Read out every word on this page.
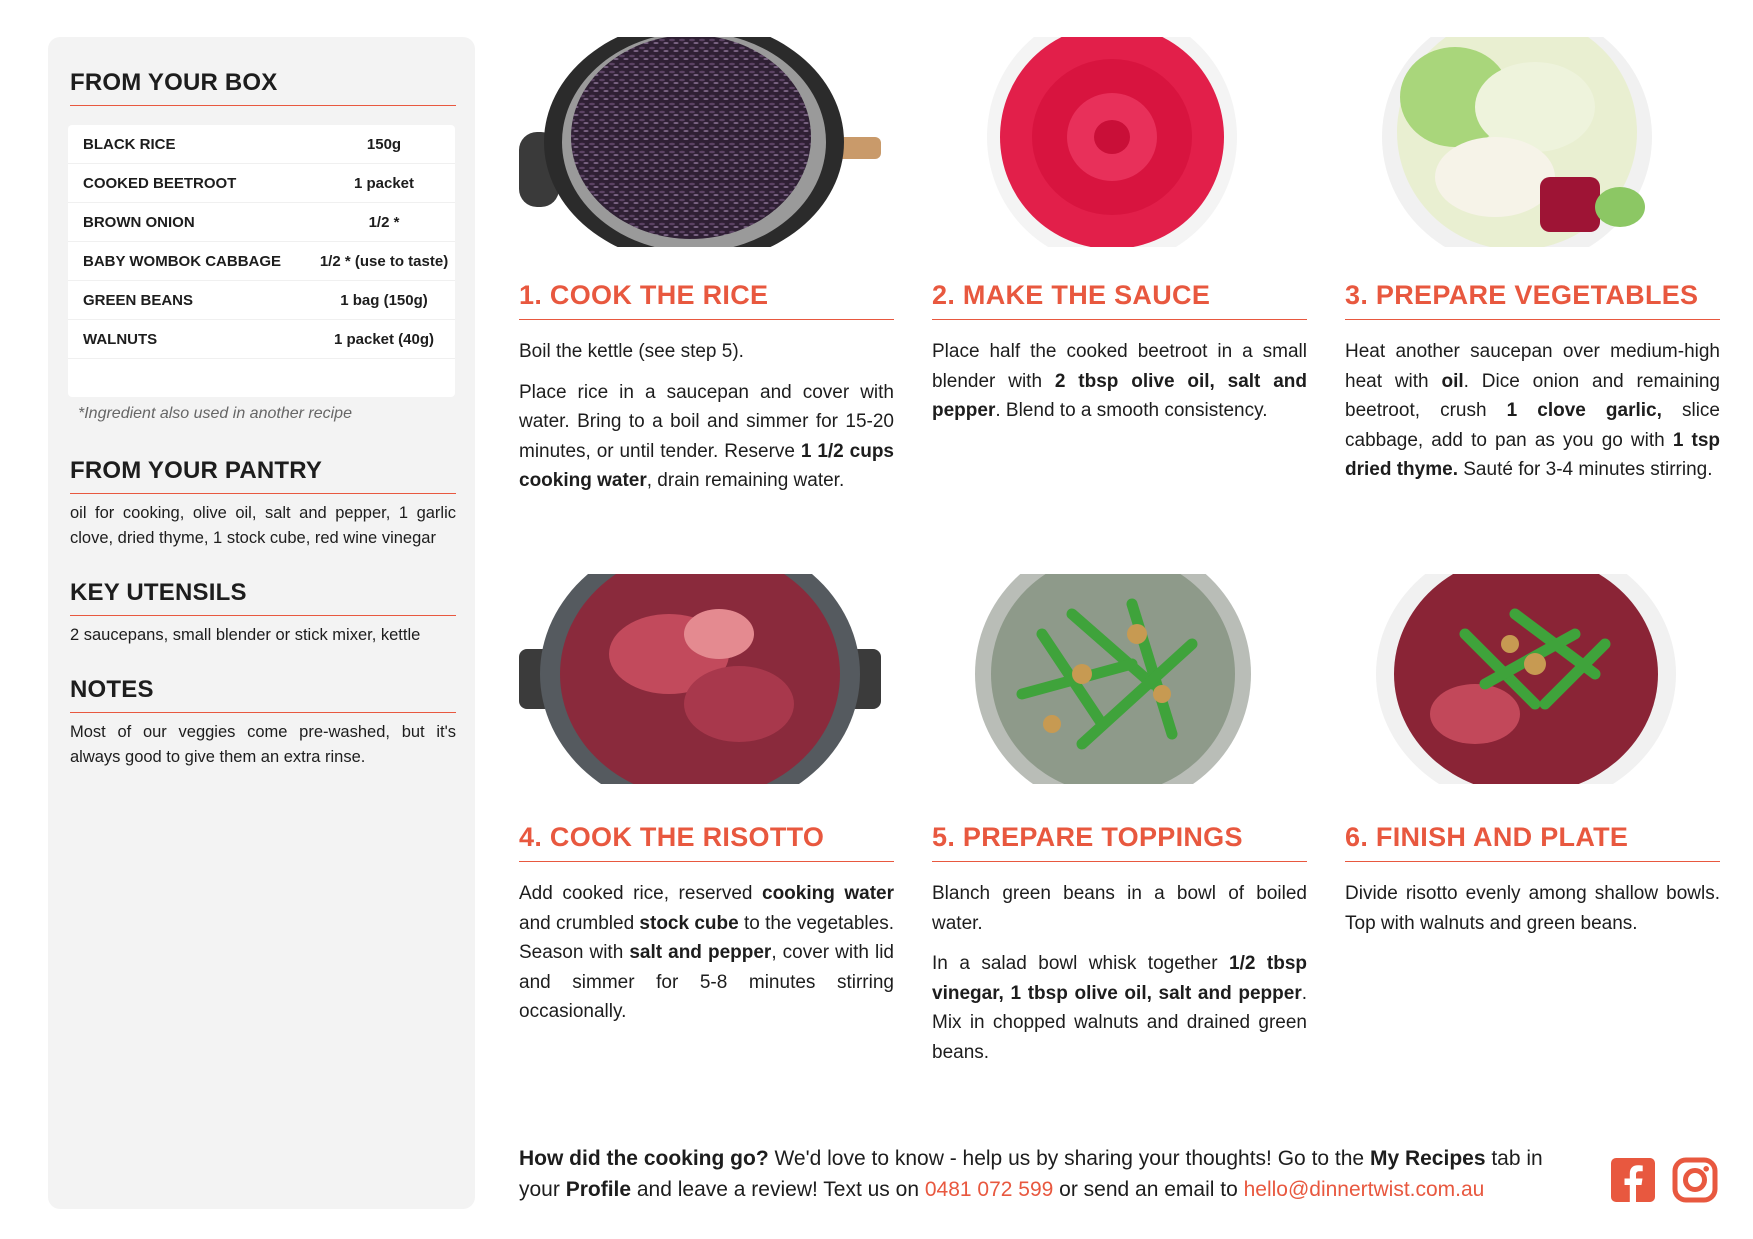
FROM YOUR BOX
BLACK RICE	150g
COOKED BEETROOT	1 packet
BROWN ONION	1/2 *
BABY WOMBOK CABBAGE	1/2 * (use to taste)
GREEN BEANS	1 bag (150g)
WALNUTS	1 packet (40g)
*Ingredient also used in another recipe
FROM YOUR PANTRY
oil for cooking, olive oil, salt and pepper, 1 garlic clove, dried thyme, 1 stock cube, red wine vinegar
KEY UTENSILS
2 saucepans, small blender or stick mixer, kettle
NOTES
Most of our veggies come pre-washed, but it's always good to give them an extra rinse.
1. COOK THE RICE

Boil the kettle (see step 5).

Place rice in a saucepan and cover with water. Bring to a boil and simmer for 15-20 minutes, or until tender. Reserve 1 1/2 cups cooking water, drain remaining water.

2. MAKE THE SAUCE

Place half the cooked beetroot in a small blender with 2 tbsp olive oil, salt and pepper. Blend to a smooth consistency.

3. PREPARE VEGETABLES

Heat another saucepan over medium-high heat with oil. Dice onion and remaining beetroot, crush 1 clove garlic, slice cabbage, add to pan as you go with 1 tsp dried thyme. Sauté for 3-4 minutes stirring.

4. COOK THE RISOTTO

Add cooked rice, reserved cooking water and crumbled stock cube to the vegetables. Season with salt and pepper, cover with lid and simmer for 5-8 minutes stirring occasionally.

5. PREPARE TOPPINGS

Blanch green beans in a bowl of boiled water.

In a salad bowl whisk together 1/2 tbsp vinegar, 1 tbsp olive oil, salt and pepper. Mix in chopped walnuts and drained green beans.

6. FINISH AND PLATE

Divide risotto evenly among shallow bowls. Top with walnuts and green beans.

How did the cooking go? We'd love to know - help us by sharing your thoughts! Go to the My Recipes tab in your Profile and leave a review! Text us on 0481 072 599 or send an email to hello@dinnertwist.com.au
